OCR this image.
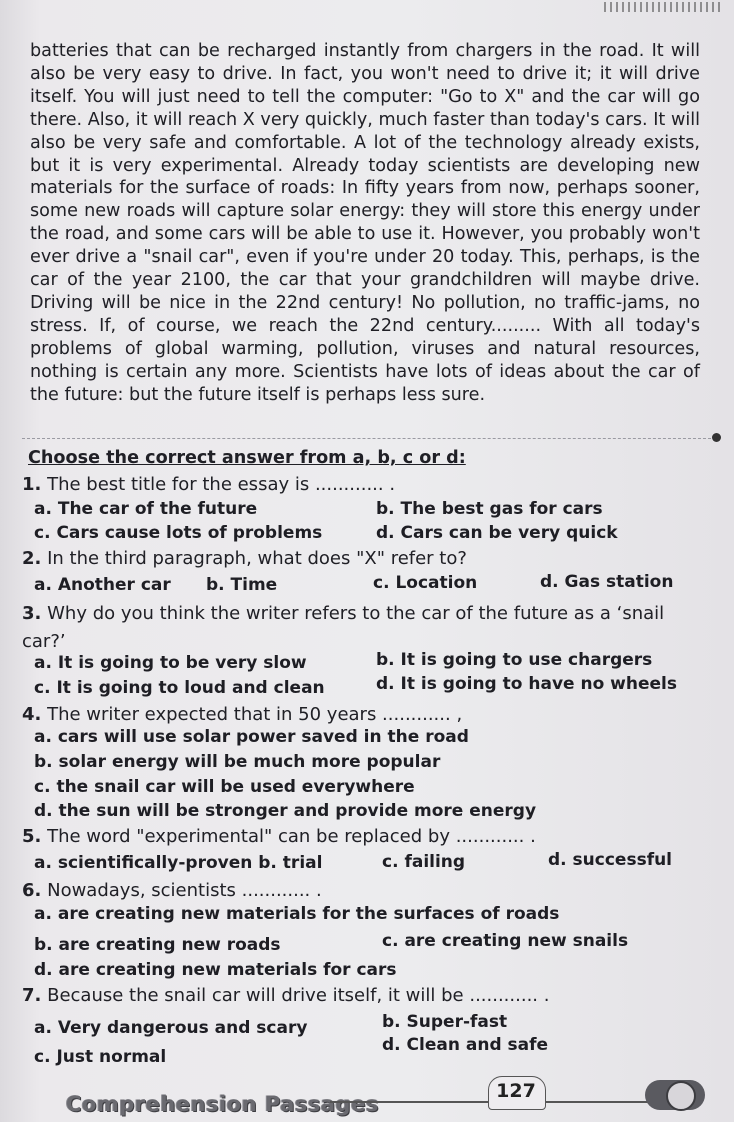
batteries that can be recharged instantly from chargers in the road. It will also be very easy to drive. In fact, you won't need to drive it; it will drive itself. You will just need to tell the computer: "Go to X" and the car will go there. Also, it will reach X very quickly, much faster than today's cars. It will also be very safe and comfortable. A lot of the technology already exists, but it is very experimental. Already today scientists are developing new materials for the surface of roads: In fifty years from now, perhaps sooner, some new roads will capture solar energy: they will store this energy under the road, and some cars will be able to use it. However, you probably won't ever drive a "snail car", even if you're under 20 today. This, perhaps, is the car of the year 2100, the car that your grandchildren will maybe drive. Driving will be nice in the 22nd century! No pollution, no traffic-jams, no stress. If, of course, we reach the 22nd century......... With all today's problems of global warming, pollution, viruses and natural resources, nothing is certain any more. Scientists have lots of ideas about the car of the future: but the future itself is perhaps less sure.

Choose the correct answer from a, b, c or d:

1. The best title for the essay is ............ .
a. The car of the future	b. The best gas for cars
c. Cars cause lots of problems	d. Cars can be very quick
2. In the third paragraph, what does "X" refer to?
a. Another car b. Time	c. Location	d. Gas station
3. Why do you think the writer refers to the car of the future as a ‘snail car?’
a. It is going to be very slow	b. It is going to use chargers
c. It is going to loud and clean	d. It is going to have no wheels
4. The writer expected that in 50 years ............ ,
a. cars will use solar power saved in the road
b. solar energy will be much more popular
c. the snail car will be used everywhere
d. the sun will be stronger and provide more energy
5. The word "experimental" can be replaced by ............ .
a. scientifically-proven b. trial	c. failing	d. successful
6. Nowadays, scientists ............ .
a. are creating new materials for the surfaces of roads
b. are creating new roads	c. are creating new snails
d. are creating new materials for cars
7. Because the snail car will drive itself, it will be ............ .
a. Very dangerous and scary	b. Super-fast
c. Just normal
d. Clean and safe
Comprehension Passages
127
